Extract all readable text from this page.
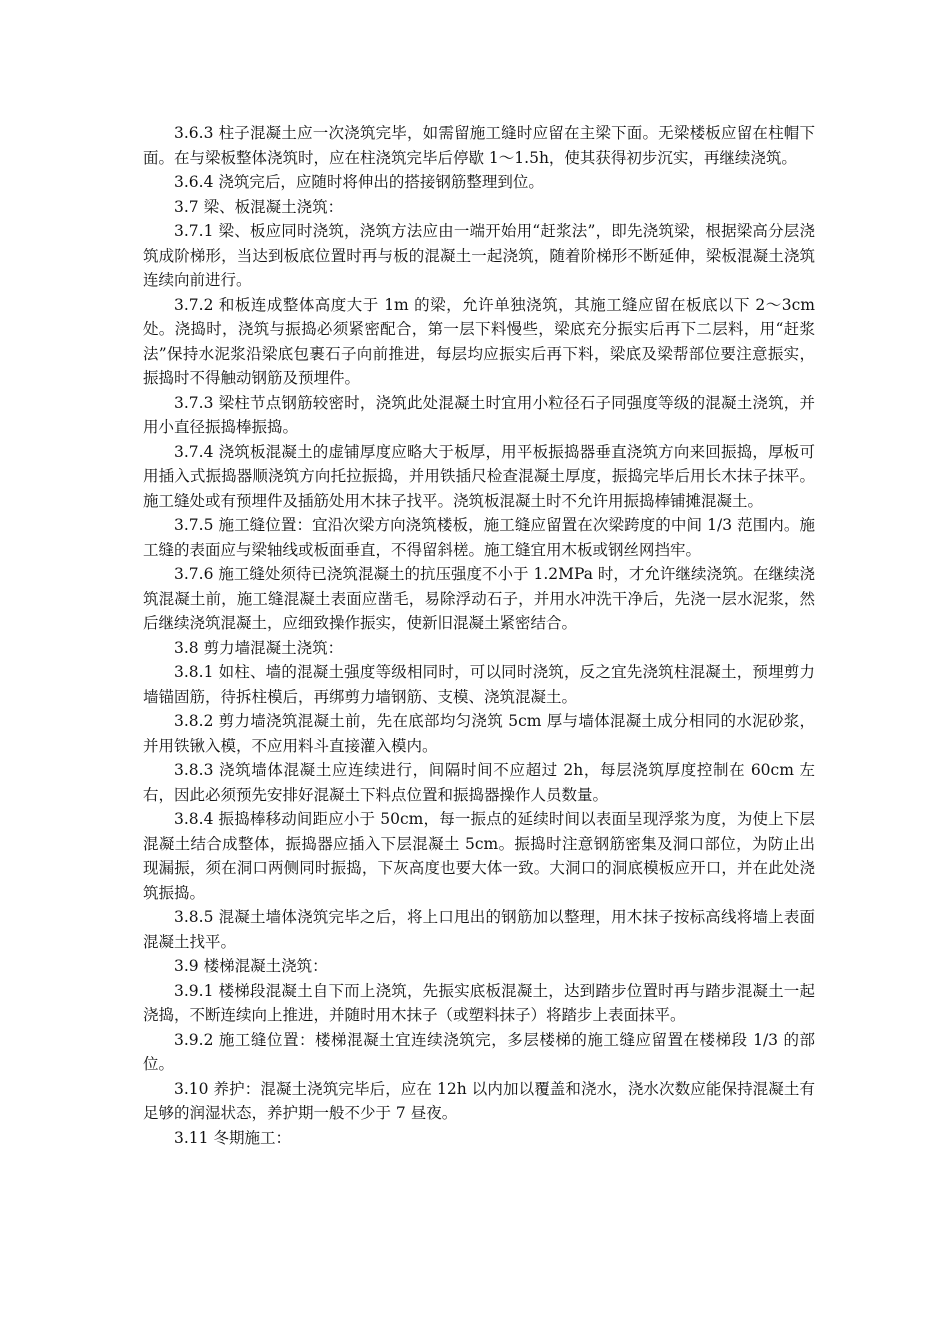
3.6.3 柱子混凝土应一次浇筑完毕，如需留施工缝时应留在主梁下面。无梁楼板应留在柱帽下面。在与梁板整体浇筑时，应在柱浇筑完毕后停歇 1～1.5h，使其获得初步沉实，再继续浇筑。

3.6.4 浇筑完后，应随时将伸出的搭接钢筋整理到位。

3.7 梁、板混凝土浇筑：

3.7.1 梁、板应同时浇筑，浇筑方法应由一端开始用“赶浆法”，即先浇筑梁，根据梁高分层浇筑成阶梯形，当达到板底位置时再与板的混凝土一起浇筑，随着阶梯形不断延伸，梁板混凝土浇筑连续向前进行。

3.7.2 和板连成整体高度大于 1m 的梁，允许单独浇筑，其施工缝应留在板底以下 2～3cm 处。浇捣时，浇筑与振捣必须紧密配合，第一层下料慢些，梁底充分振实后再下二层料，用“赶浆法”保持水泥浆沿梁底包裹石子向前推进，每层均应振实后再下料，梁底及梁帮部位要注意振实，振捣时不得触动钢筋及预埋件。

3.7.3 梁柱节点钢筋较密时，浇筑此处混凝土时宜用小粒径石子同强度等级的混凝土浇筑，并用小直径振捣棒振捣。

3.7.4 浇筑板混凝土的虚铺厚度应略大于板厚，用平板振捣器垂直浇筑方向来回振捣，厚板可用插入式振捣器顺浇筑方向托拉振捣，并用铁插尺检查混凝土厚度，振捣完毕后用长木抹子抹平。施工缝处或有预埋件及插筋处用木抹子找平。浇筑板混凝土时不允许用振捣棒铺摊混凝土。

3.7.5 施工缝位置：宜沿次梁方向浇筑楼板，施工缝应留置在次梁跨度的中间 1/3 范围内。施工缝的表面应与梁轴线或板面垂直，不得留斜槎。施工缝宜用木板或钢丝网挡牢。

3.7.6 施工缝处须待已浇筑混凝土的抗压强度不小于 1.2MPa 时，才允许继续浇筑。在继续浇筑混凝土前，施工缝混凝土表面应凿毛，易除浮动石子，并用水冲洗干净后，先浇一层水泥浆，然后继续浇筑混凝土，应细致操作振实，使新旧混凝土紧密结合。

3.8 剪力墙混凝土浇筑：

3.8.1 如柱、墙的混凝土强度等级相同时，可以同时浇筑，反之宜先浇筑柱混凝土，预埋剪力墙锚固筋，待拆柱模后，再绑剪力墙钢筋、支模、浇筑混凝土。

3.8.2 剪力墙浇筑混凝土前，先在底部均匀浇筑 5cm 厚与墙体混凝土成分相同的水泥砂浆，并用铁锹入模，不应用料斗直接灌入模内。

3.8.3 浇筑墙体混凝土应连续进行，间隔时间不应超过 2h，每层浇筑厚度控制在 60cm 左右，因此必须预先安排好混凝土下料点位置和振捣器操作人员数量。

3.8.4 振捣棒移动间距应小于 50cm，每一振点的延续时间以表面呈现浮浆为度，为使上下层混凝土结合成整体，振捣器应插入下层混凝土 5cm。振捣时注意钢筋密集及洞口部位，为防止出现漏振，须在洞口两侧同时振捣，下灰高度也要大体一致。大洞口的洞底模板应开口，并在此处浇筑振捣。

3.8.5 混凝土墙体浇筑完毕之后，将上口甩出的钢筋加以整理，用木抹子按标高线将墙上表面混凝土找平。

3.9 楼梯混凝土浇筑：

3.9.1 楼梯段混凝土自下而上浇筑，先振实底板混凝土，达到踏步位置时再与踏步混凝土一起浇捣，不断连续向上推进，并随时用木抹子（或塑料抹子）将踏步上表面抹平。

3.9.2 施工缝位置：楼梯混凝土宜连续浇筑完，多层楼梯的施工缝应留置在楼梯段 1/3 的部位。

3.10 养护：混凝土浇筑完毕后，应在 12h 以内加以覆盖和浇水，浇水次数应能保持混凝土有足够的润湿状态，养护期一般不少于 7 昼夜。

3.11 冬期施工：
